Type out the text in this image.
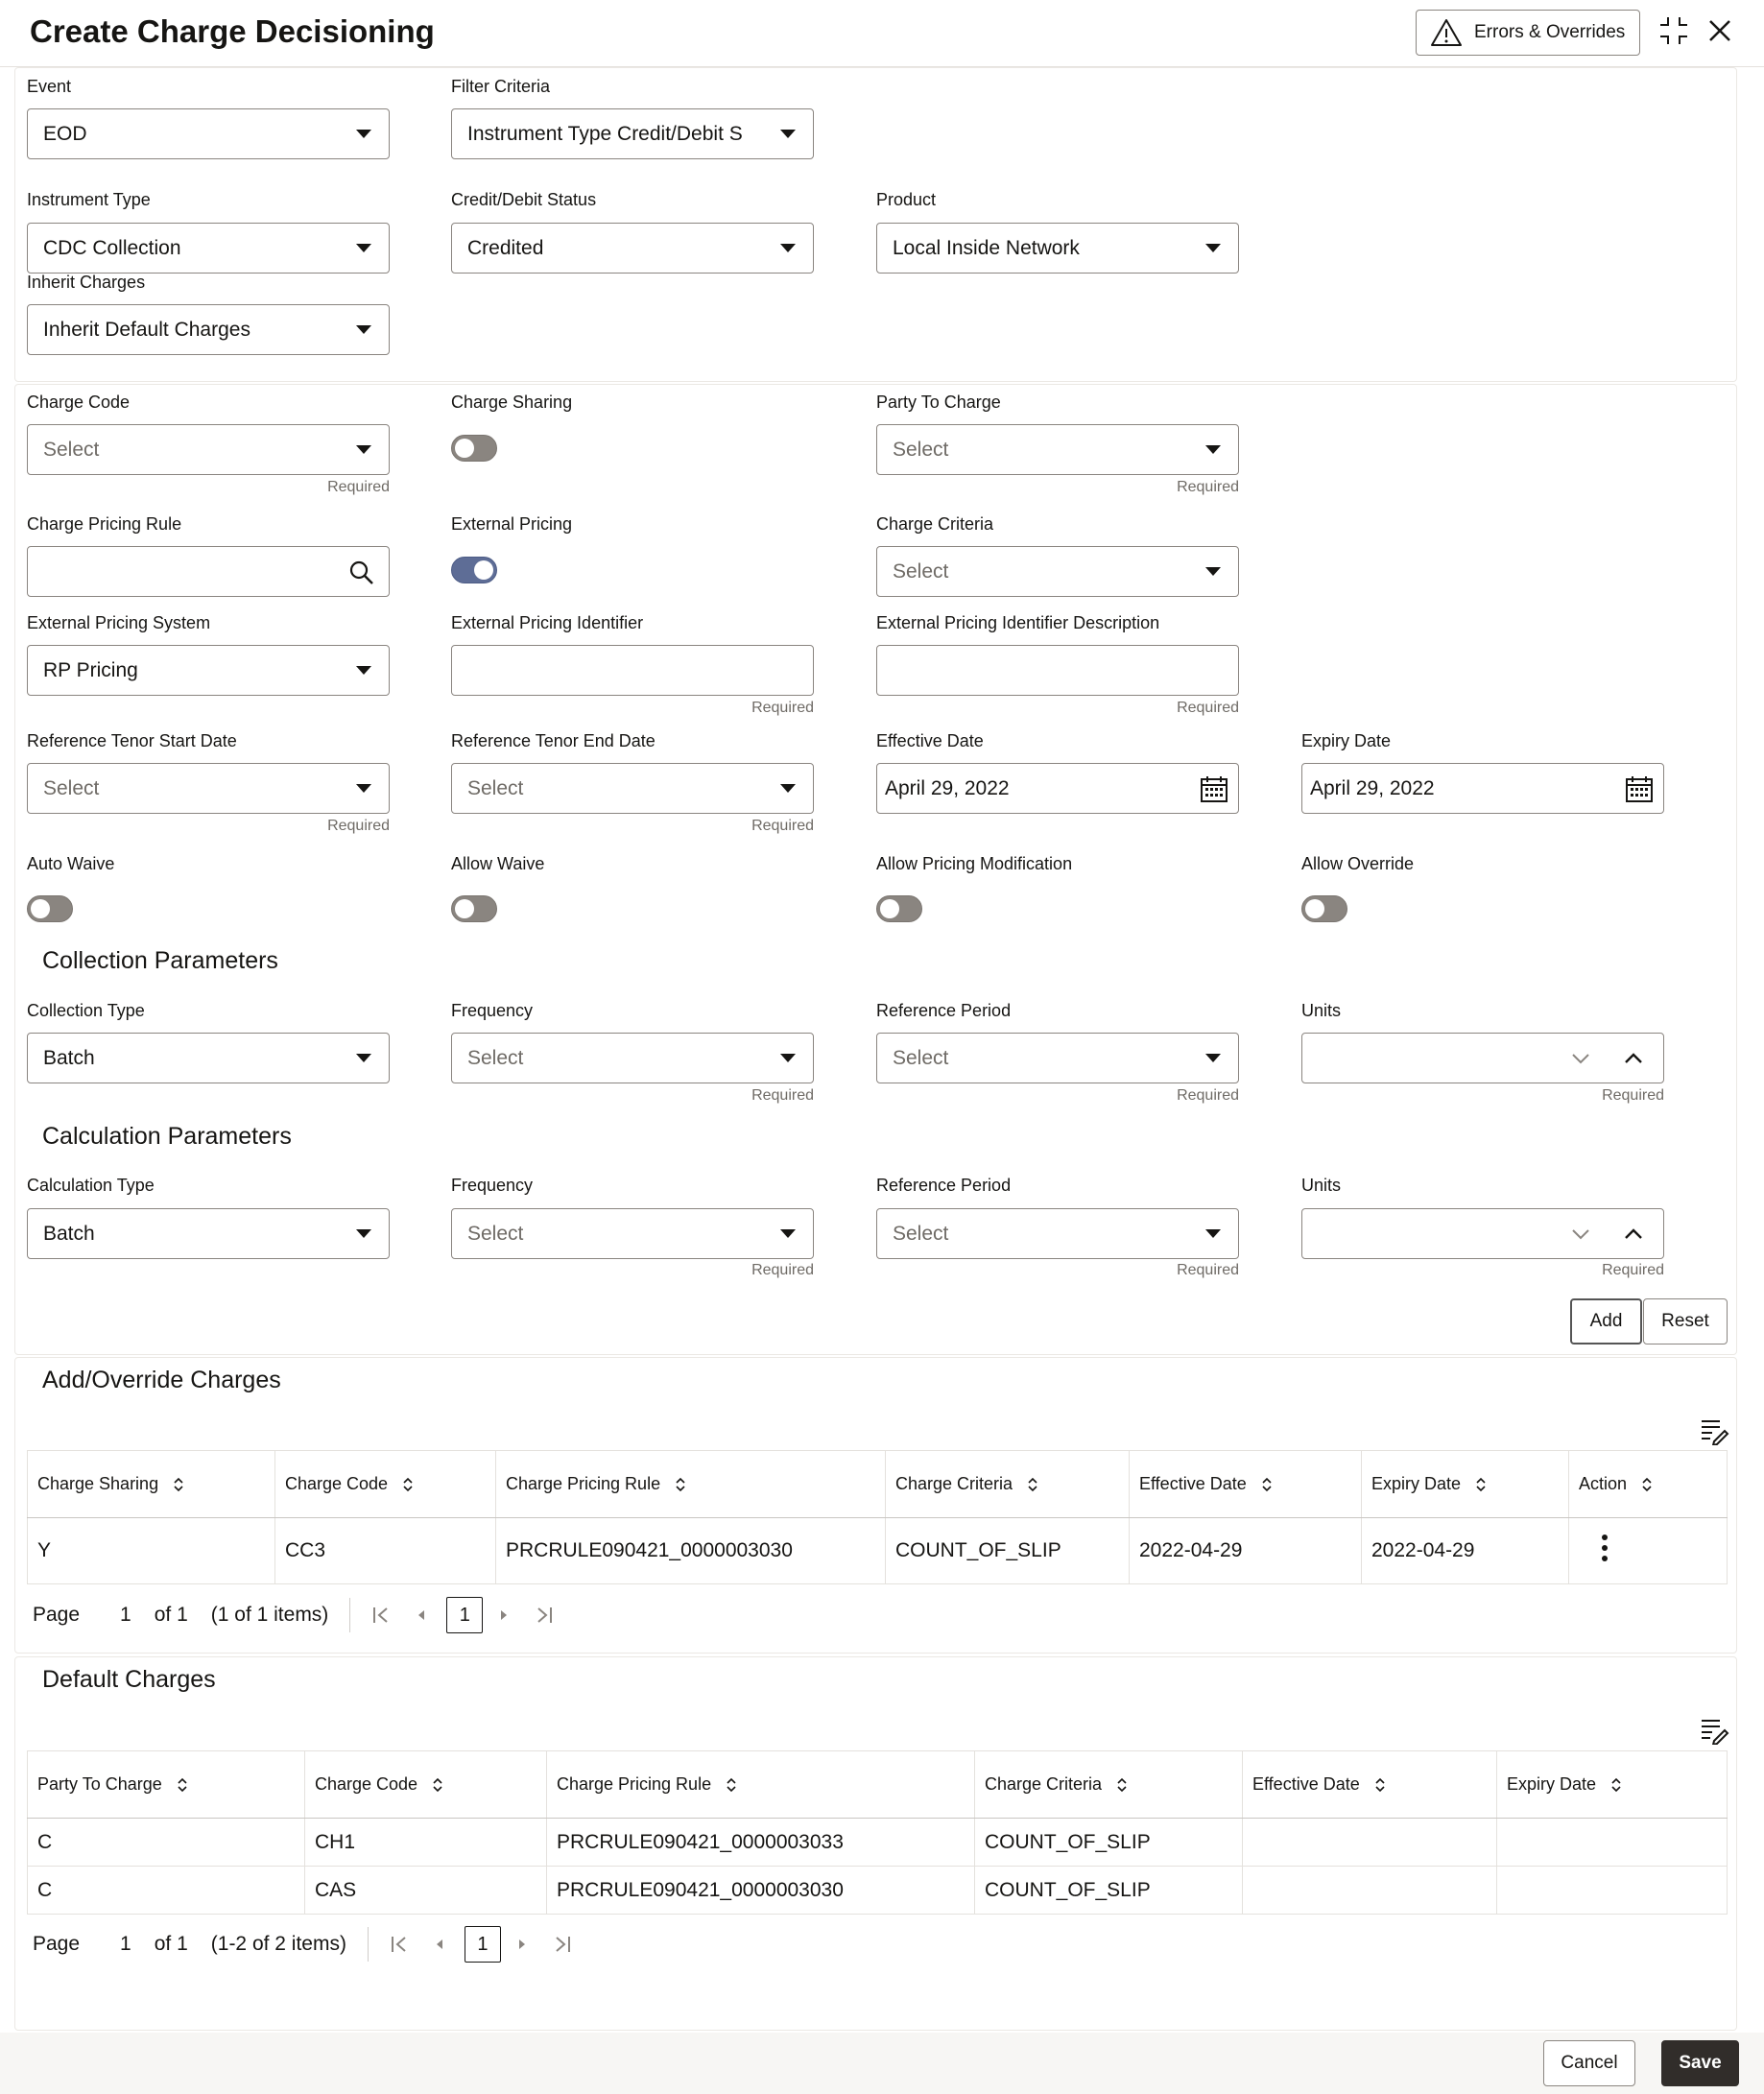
Create Charge Decisioning	Errors & Overrides
Event
EOD
Filter Criteria
Instrument Type Credit/Debit S
Instrument Type
CDC Collection
Credit/Debit Status
Credited
Product
Local Inside Network
Inherit Charges
Inherit Default Charges
Charge Code
Select
Required
Charge Sharing	Party To Charge
Select
Required
Charge Pricing Rule	External Pricing	Charge Criteria
Select
External Pricing System
RP Pricing
External Pricing Identifier
Required
External Pricing Identifier Description
Required
Reference Tenor Start Date
Select
Required
Reference Tenor End Date
Select
Required
Effective Date
April 29, 2022
Expiry Date
April 29, 2022
Auto Waive	Allow Waive	Allow Pricing Modification	Allow Override
Collection Parameters
Collection Type
Batch
Frequency
Select
Required
Reference Period
Select
Required
Units
Required
Calculation Parameters
Calculation Type
Batch
Frequency
Select
Required
Reference Period
Select
Required
Units
Required
Add	Reset
Add/Override Charges
Charge Sharing	Charge Code	Charge Pricing Rule	Charge Criteria	Effective Date	Expiry Date	Action
Y	CC3	PRCRULE090421_0000003030	COUNT_OF_SLIP	2022-04-29	2022-04-29	
Page 1 of 1 (1 of 1 items)	1
Default Charges
Party To Charge	Charge Code	Charge Pricing Rule	Charge Criteria	Effective Date	Expiry Date
C	CH1	PRCRULE090421_0000003033	COUNT_OF_SLIP		
C	CAS	PRCRULE090421_0000003030	COUNT_OF_SLIP		
Page 1 of 1 (1-2 of 2 items)	1
Cancel	Save
